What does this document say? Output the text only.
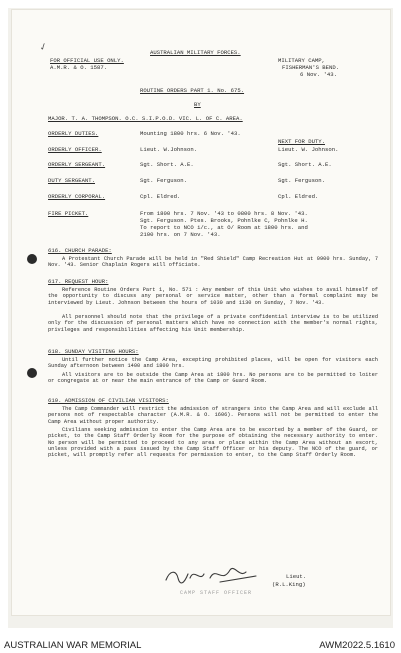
✓
FOR OFFICIAL USE ONLY.
A.M.R. & O. 1587.
AUSTRALIAN MILITARY FORCES.
MILITARY CAMP,
FISHERMAN'S BEND.
6 Nov. '43.
ROUTINE ORDERS PART 1. No. 675.
BY
MAJOR. T. A. THOMPSON. O.C. S.I.P.O.D. VIC. L. OF C. AREA.
ORDERLY DUTIES.	Mounting 1800 hrs. 6 Nov. '43.
NEXT FOR DUTY.
ORDERLY OFFICER.	Lieut. W.Johnson.	Lieut. W. Johnson.
ORDERLY SERGEANT.	Sgt. Short. A.E.	Sgt. Short. A.E.
DUTY SERGEANT.	Sgt. Ferguson.	Sgt. Ferguson.
ORDERLY CORPORAL.	Cpl. Eldred.	Cpl. Eldred.
FIRE PICKET.	From 1800 hrs. 7 Nov. '43 to 0800 hrs. 8 Nov. '43.
Sgt. Ferguson. Ptes. Brooks, Pohnlke C, Pohnlke H.
To report to NCO i/c., at O/ Room at 1800 hrs. and
2100 hrs. on 7 Nov. '43.
616. CHURCH PARADE:
A Protestant Church Parade will be held in "Red Shield" Camp Recreation Hut at 0900 hrs. Sunday, 7 Nov. '43. Senior Chaplain Rogers will officiate.
617. REQUEST HOUR:
Reference Routine Orders Part 1, No. 571 : Any member of this Unit who wishes to avail himself of the opportunity to discuss any personal or service matter, other than a formal complaint may be interviewed by Lieut. Johnson between the hours of 1030 and 1130 on Sunday, 7 Nov. '43.
All personnel should note that the privilege of a private confidential interview is to be utilized only for the discussion of personal matters which have no connection with the member's normal rights, privileges and responsibilities affecting his Unit membership.
618. SUNDAY VISITING HOURS:
Until further notice the Camp Area, excepting prohibited places, will be open for visitors each Sunday afternoon between 1400 and 1800 hrs.
All visitors are to be outside the Camp Area at 1800 hrs. No persons are to be permitted to loiter or congregate at or near the main entrance of the Camp or Guard Room.
619. ADMISSION OF CIVILIAN VISITORS:
The Camp Commander will restrict the admission of strangers into the Camp Area and will exclude all persons not of respectable character (A.M.R. & O. 1606). Persons will not be permitted to enter the Camp Area without proper authority.
Civilians seeking admission to enter the Camp Area are to be escorted by a member of the Guard, or picket, to the Camp Staff Orderly Room for the purpose of obtaining the necessary authority to enter. No person will be permitted to proceed to any area or place within the Camp Area without an escort, unless provided with a pass issued by the Camp Staff Officer or his deputy. The NCO of the guard, or picket, will promptly refer all requests for permission to enter, to the Camp Staff Orderly Room.
Lieut.
(R.L.King)
CAMP STAFF OFFICER
AUSTRALIAN WAR MEMORIAL	AWM2022.5.1610
